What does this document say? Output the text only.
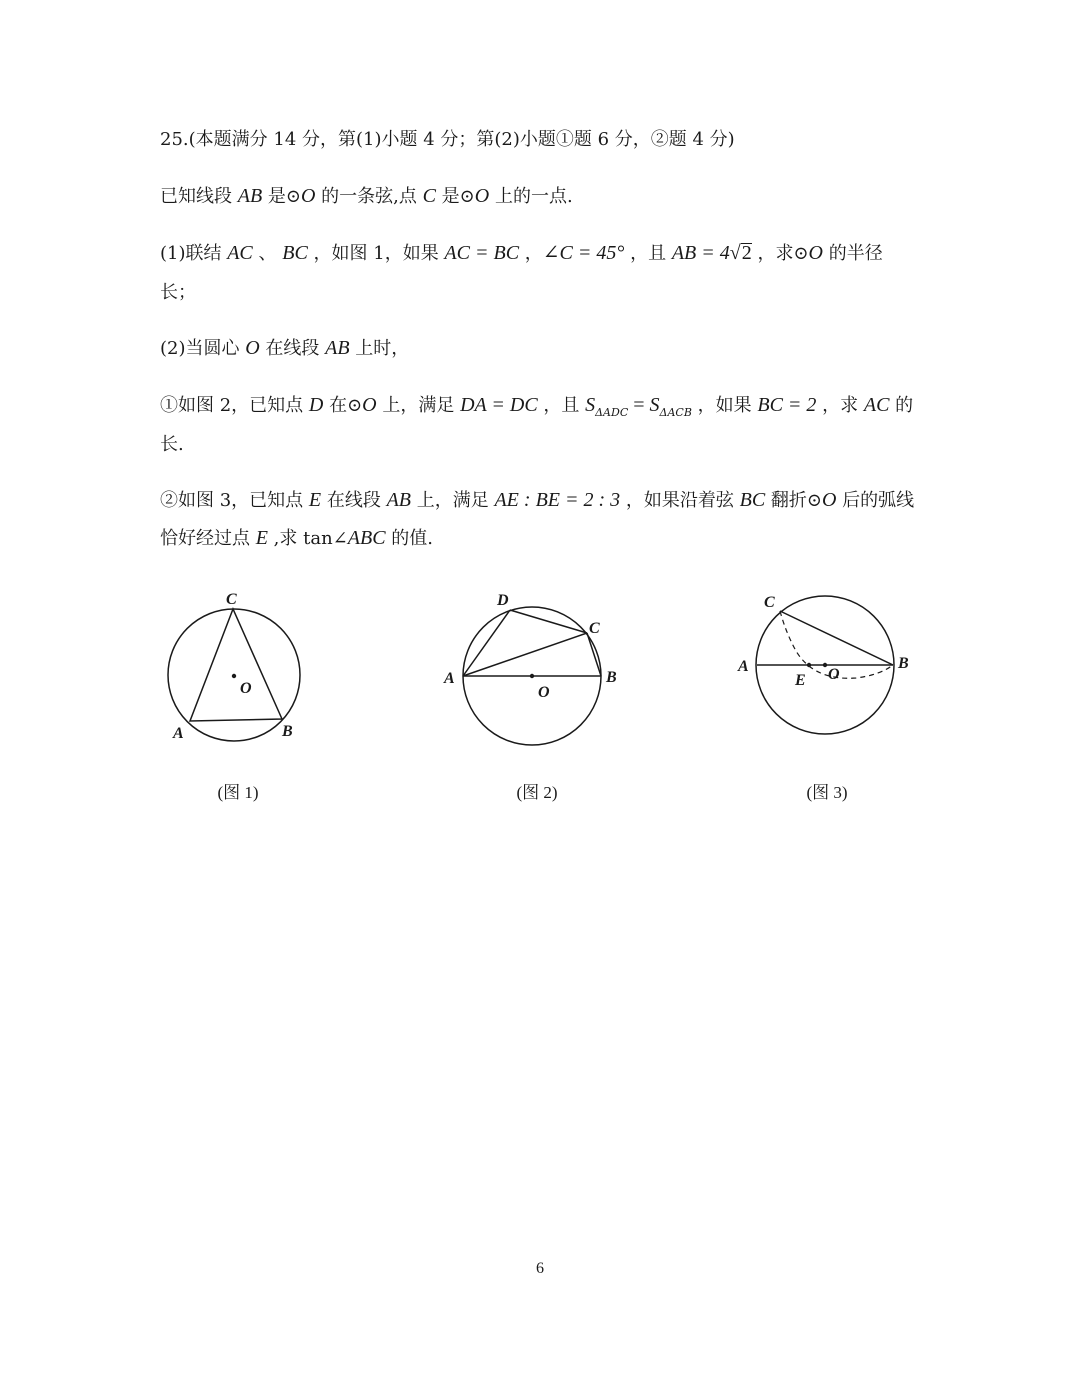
25.(本题满分 14 分，第(1)小题 4 分；第(2)小题①题 6 分，②题 4 分)
已知线段 AB 是⊙O 的一条弦,点 C 是⊙O 上的一点.
(1)联结 AC 、 BC ，如图 1，如果 AC = BC ，∠C = 45° ，且 AB = 4√2 ，求⊙O 的半径
长；
(2)当圆心 O 在线段 AB 上时，
①如图 2，已知点 D 在⊙O 上，满足 DA = DC ，且 $S_{\Delta ADC} = S_{\Delta ACB}$ ，如果 BC = 2 ，求 AC 的
长.
②如图 3，已知点 E 在线段 AB 上，满足 AE : BE = 2 : 3 ，如果沿着弦 BC 翻折⊙O 后的弧线
恰好经过点 E ,求 tan∠ABC 的值.
C
O
A	B
(图 1)
D
C
A	B
O
(图 2)
C
A	B
E O
(图 3)
6
